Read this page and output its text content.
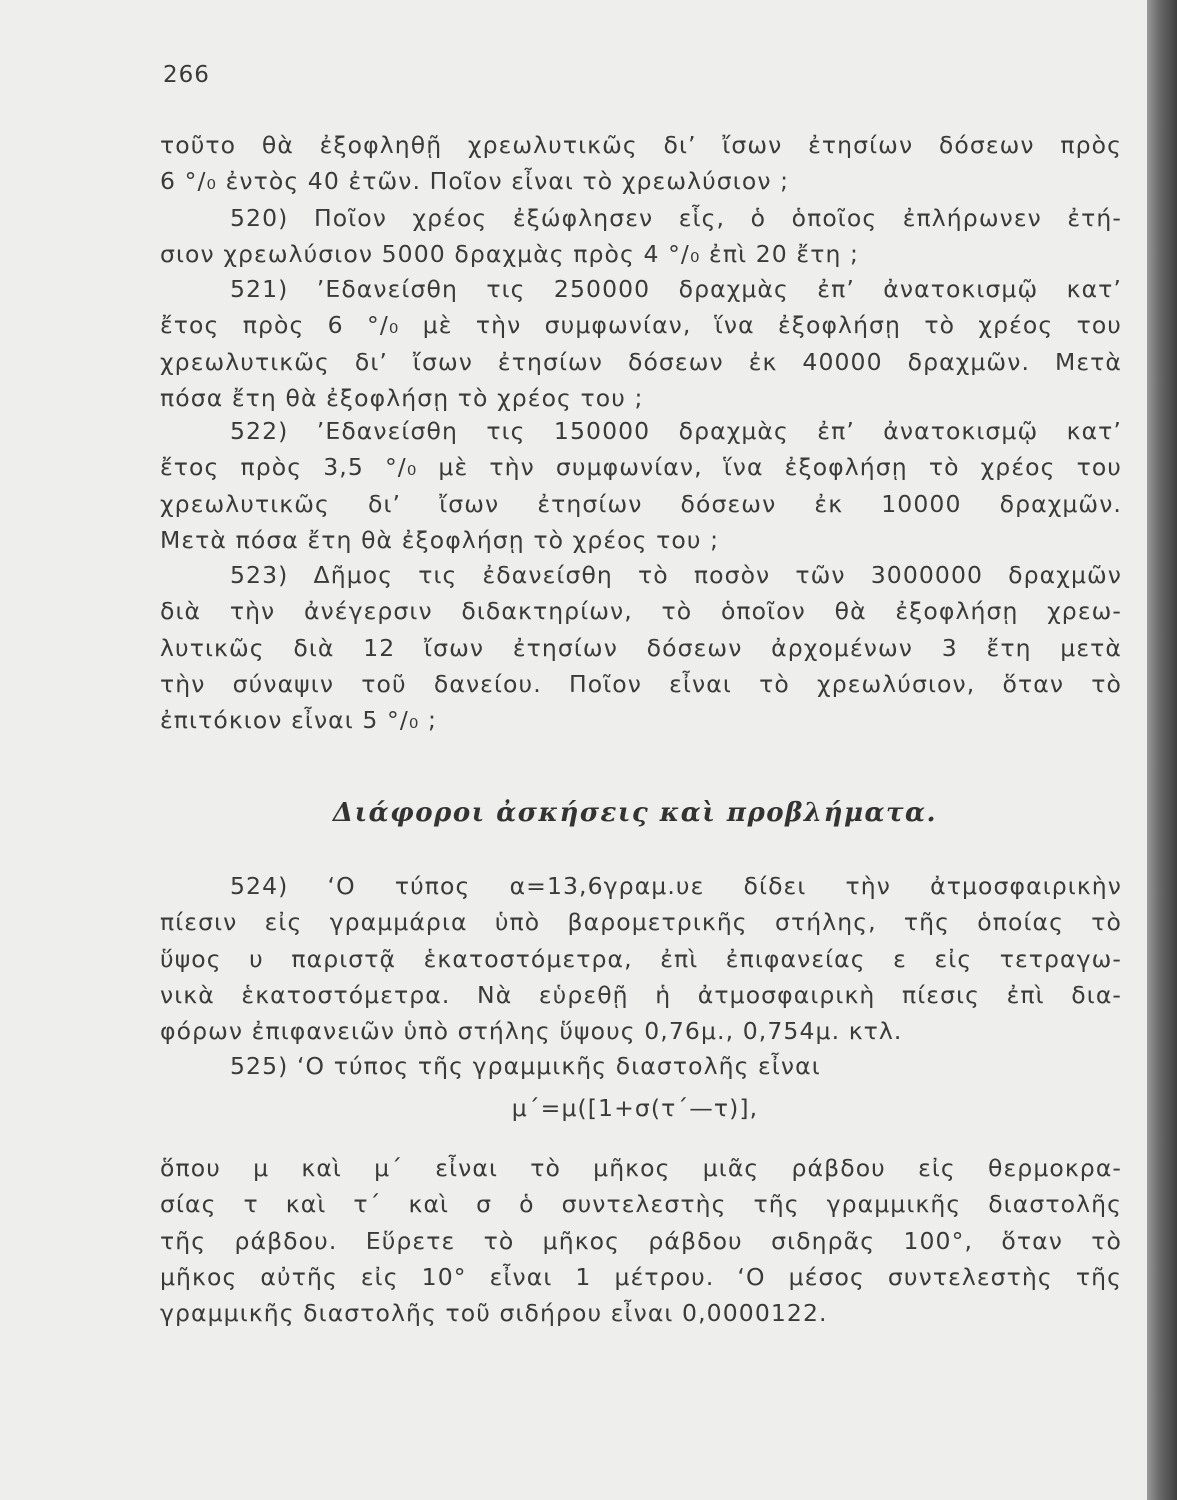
266
τοῦτο θὰ ἐξοφληθῇ χρεωλυτικῶς δι’ ἴσων ἐτησίων δόσεων πρὸς
6 °/₀ ἐντὸς 40 ἐτῶν. Ποῖον εἶναι τὸ χρεωλύσιον ;
520) Ποῖον χρέος ἐξώφλησεν εἷς, ὁ ὁποῖος ἐπλήρωνεν ἐτή-
σιον χρεωλύσιον 5000 δραχμὰς πρὸς 4 °/₀ ἐπὶ 20 ἔτη ;
521) ’Εδανείσθη τις 250000 δραχμὰς ἐπ’ ἀνατοκισμῷ κατ’
ἔτος πρὸς 6 °/₀ μὲ τὴν συμφωνίαν, ἵνα ἐξοφλήσῃ τὸ χρέος του
χρεωλυτικῶς δι’ ἴσων ἐτησίων δόσεων ἐκ 40000 δραχμῶν. Μετὰ
πόσα ἔτη θὰ ἐξοφλήσῃ τὸ χρέος του ;
522) ’Εδανείσθη τις 150000 δραχμὰς ἐπ’ ἀνατοκισμῷ κατ’
ἔτος πρὸς 3,5 °/₀ μὲ τὴν συμφωνίαν, ἵνα ἐξοφλήσῃ τὸ χρέος του
χρεωλυτικῶς δι’ ἴσων ἐτησίων δόσεων ἐκ 10000 δραχμῶν.
Μετὰ πόσα ἔτη θὰ ἐξοφλήσῃ τὸ χρέος του ;
523) Δῆμος τις ἐδανείσθη τὸ ποσὸν τῶν 3000000 δραχμῶν
διὰ τὴν ἀνέγερσιν διδακτηρίων, τὸ ὁποῖον θὰ ἐξοφλήσῃ χρεω-
λυτικῶς διὰ 12 ἴσων ἐτησίων δόσεων ἀρχομένων 3 ἔτη μετὰ
τὴν σύναψιν τοῦ δανείου. Ποῖον εἶναι τὸ χρεωλύσιον, ὅταν τὸ
ἐπιτόκιον εἶναι 5 °/₀ ;
Διάφοροι ἀσκήσεις καὶ προβλήματα.
524) ‘Ο τύπος α=13,6γραμ.υε δίδει τὴν ἀτμοσφαιρικὴν
πίεσιν εἰς γραμμάρια ὑπὸ βαρομετρικῆς στήλης, τῆς ὁποίας τὸ
ὕψος υ παριστᾷ ἑκατοστόμετρα, ἐπὶ ἐπιφανείας ε εἰς τετραγω-
νικὰ ἑκατοστόμετρα. Νὰ εὑρεθῇ ἡ ἀτμοσφαιρικὴ πίεσις ἐπὶ δια-
φόρων ἐπιφανειῶν ὑπὸ στήλης ὕψους 0,76μ., 0,754μ. κτλ.
525) ‘Ο τύπος τῆς γραμμικῆς διαστολῆς εἶναι
μ΄=μ([1+σ(τ΄—τ)],
ὅπου μ καὶ μ΄ εἶναι τὸ μῆκος μιᾶς ράβδου εἰς θερμοκρα-
σίας τ καὶ τ΄ καὶ σ ὁ συντελεστὴς τῆς γραμμικῆς διαστολῆς
τῆς ράβδου. Εὕρετε τὸ μῆκος ράβδου σιδηρᾶς 100°, ὅταν τὸ
μῆκος αὐτῆς εἰς 10° εἶναι 1 μέτρου. ‘Ο μέσος συντελεστὴς τῆς
γραμμικῆς διαστολῆς τοῦ σιδήρου εἶναι 0,0000122.
